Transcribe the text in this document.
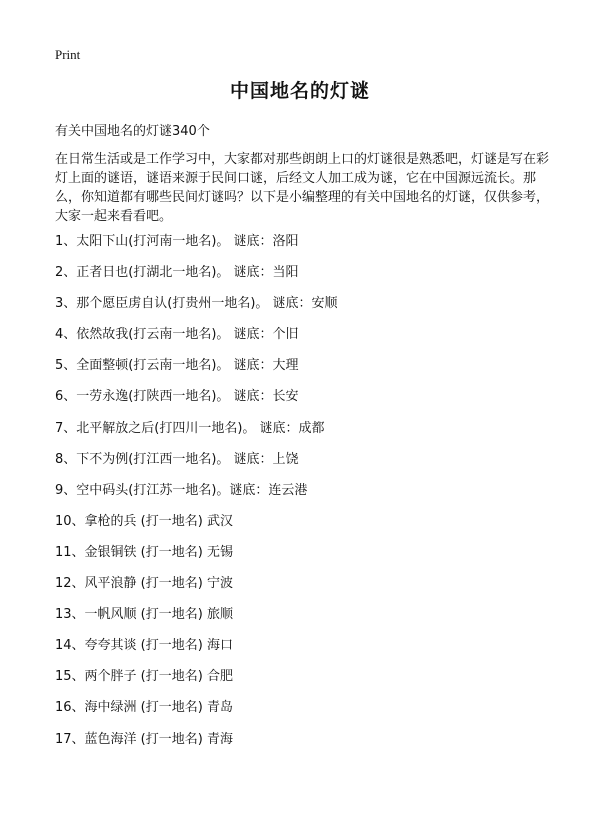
Print
中国地名的灯谜

有关中国地名的灯谜340个

在日常生活或是工作学习中，大家都对那些朗朗上口的灯谜很是熟悉吧，灯谜是写在彩灯上面的谜语，谜语来源于民间口谜，后经文人加工成为谜，它在中国源远流长。那么，你知道都有哪些民间灯谜吗？以下是小编整理的有关中国地名的灯谜，仅供参考，大家一起来看看吧。

1、太阳下山(打河南一地名)。 谜底：洛阳
2、正者日也(打湖北一地名)。 谜底：当阳
3、那个愿臣虏自认(打贵州一地名)。 谜底：安顺
4、依然故我(打云南一地名)。 谜底：个旧
5、全面整顿(打云南一地名)。 谜底：大理
6、一劳永逸(打陕西一地名)。 谜底：长安
7、北平解放之后(打四川一地名)。 谜底：成都
8、下不为例(打江西一地名)。 谜底：上饶
9、空中码头(打江苏一地名)。谜底：连云港
10、拿枪的兵 (打一地名) 武汉
11、金银铜铁 (打一地名) 无锡
12、风平浪静 (打一地名) 宁波
13、一帆风顺 (打一地名) 旅顺
14、夸夸其谈 (打一地名) 海口
15、两个胖子 (打一地名) 合肥
16、海中绿洲 (打一地名) 青岛
17、蓝色海洋 (打一地名) 青海
